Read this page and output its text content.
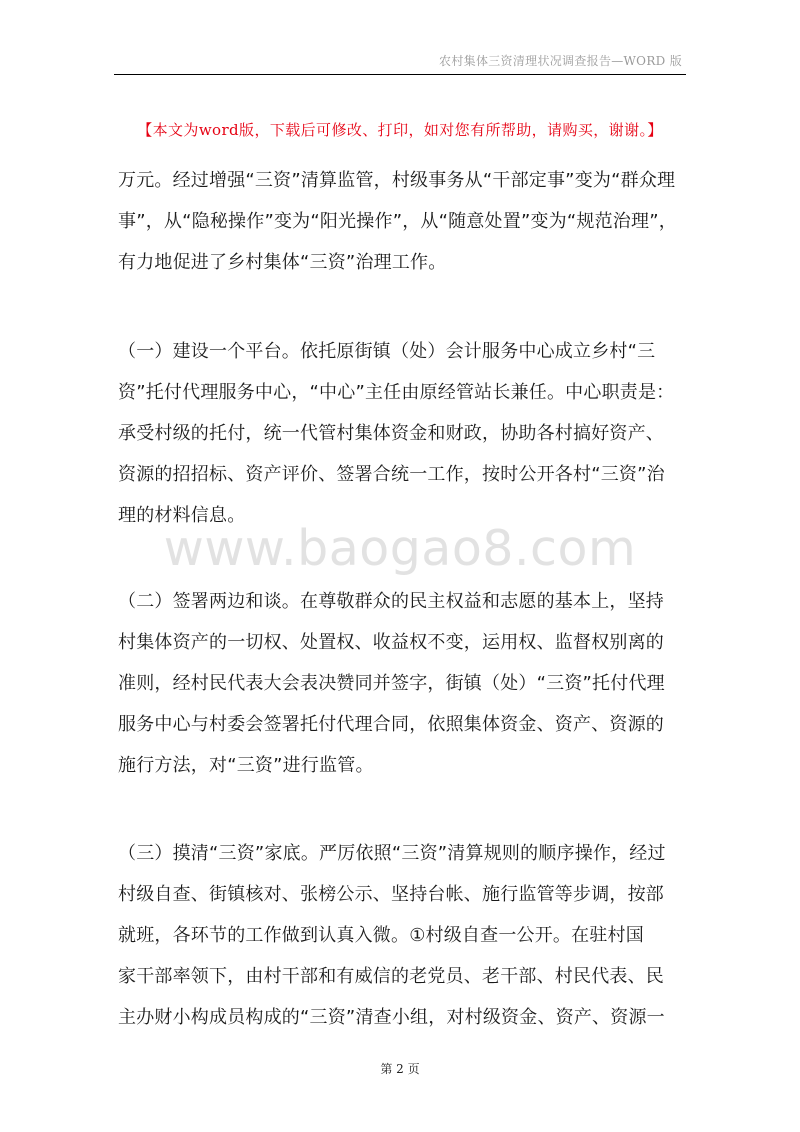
农村集体三资清理状况调查报告—WORD 版
【本文为word版，下载后可修改、打印，如对您有所帮助，请购买，谢谢。】
www.baogao8.com
万元。经过增强“三资”清算监管，村级事务从“干部定事”变为“群众理
事”，从“隐秘操作”变为“阳光操作”，从“随意处置”变为“规范治理”，
有力地促进了乡村集体“三资”治理工作。
（一）建设一个平台。依托原街镇（处）会计服务中心成立乡村“三
资”托付代理服务中心，“中心”主任由原经管站长兼任。中心职责是：
承受村级的托付，统一代管村集体资金和财政，协助各村搞好资产、
资源的招招标、资产评价、签署合统一工作，按时公开各村“三资”治
理的材料信息。
（二）签署两边和谈。在尊敬群众的民主权益和志愿的基本上，坚持
村集体资产的一切权、处置权、收益权不变，运用权、监督权别离的
准则，经村民代表大会表决赞同并签字，街镇（处）“三资”托付代理
服务中心与村委会签署托付代理合同，依照集体资金、资产、资源的
施行方法，对“三资”进行监管。
（三）摸清“三资”家底。严厉依照“三资”清算规则的顺序操作，经过
村级自查、街镇核对、张榜公示、坚持台帐、施行监管等步调，按部
就班，各环节的工作做到认真入微。①村级自查一公开。在驻村国
家干部率领下，由村干部和有威信的老党员、老干部、村民代表、民
主办财小构成员构成的“三资”清查小组，对村级资金、资产、资源一
第 2 页
